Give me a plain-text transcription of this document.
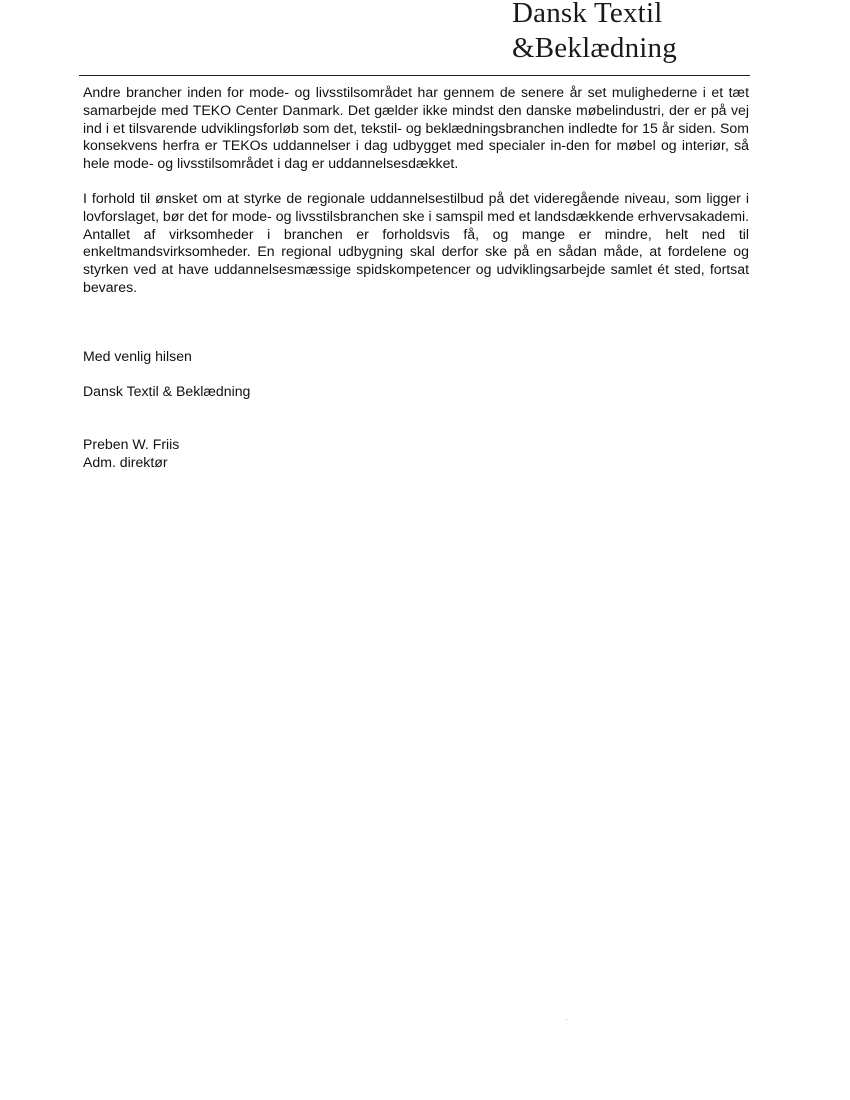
Dansk Textil
&Beklædning

Andre brancher inden for mode- og livsstilsområdet har gennem de senere år set mulighederne i et tæt samarbejde med TEKO Center Danmark. Det gælder ikke mindst den danske møbelindustri, der er på vej ind i et tilsvarende udviklingsforløb som det, tekstil- og beklædningsbranchen indledte for 15 år siden. Som konsekvens herfra er TEKOs uddannelser i dag udbygget med specialer in-den for møbel og interiør, så hele mode- og livsstilsområdet i dag er uddannelsesdækket.

I forhold til ønsket om at styrke de regionale uddannelsestilbud på det videregående niveau, som ligger i lovforslaget, bør det for mode- og livsstilsbranchen ske i samspil med et landsdækkende erhvervsakademi. Antallet af virksomheder i branchen er forholdsvis få, og mange er mindre, helt ned til enkeltmandsvirksomheder. En regional udbygning skal derfor ske på en sådan måde, at fordelene og styrken ved at have uddannelsesmæssige spidskompetencer og udviklingsarbejde samlet ét sted, fortsat bevares.

Med venlig hilsen
Dansk Textil & Beklædning
Preben W. Friis
Adm. direktør
